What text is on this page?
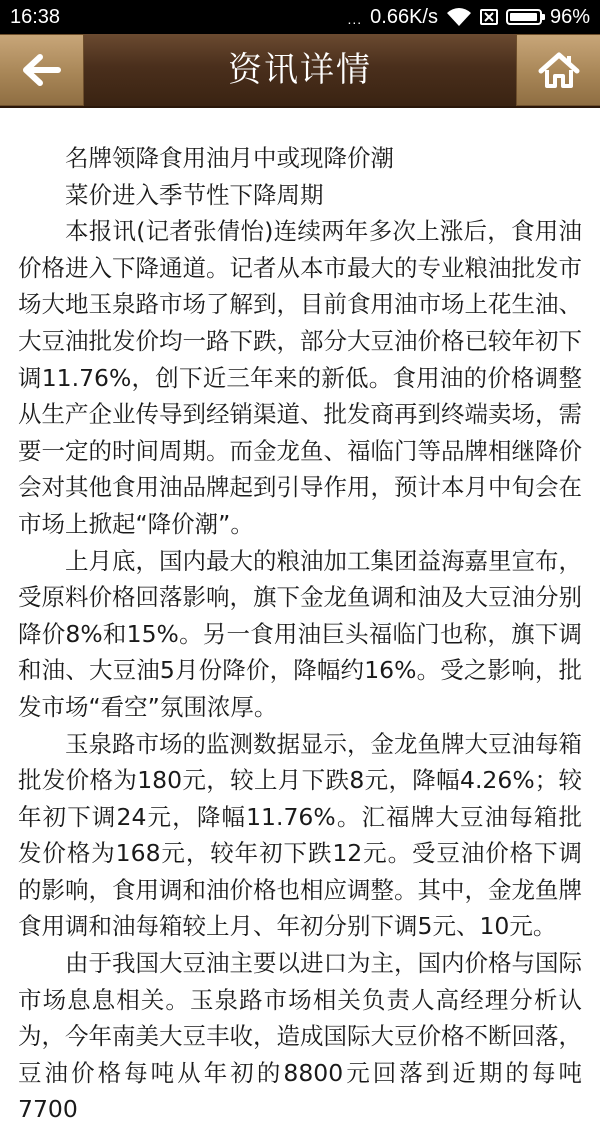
16:38	... 0.66K/s	96%
资讯详情

名牌领降食用油月中或现降价潮

菜价进入季节性下降周期

本报讯(记者张倩怡)连续两年多次上涨后，食用油价格进入下降通道。记者从本市最大的专业粮油批发市场大地玉泉路市场了解到，目前食用油市场上花生油、大豆油批发价均一路下跌，部分大豆油价格已较年初下调11.76%，创下近三年来的新低。食用油的价格调整从生产企业传导到经销渠道、批发商再到终端卖场，需要一定的时间周期。而金龙鱼、福临门等品牌相继降价会对其他食用油品牌起到引导作用，预计本月中旬会在市场上掀起“降价潮”。

上月底，国内最大的粮油加工集团益海嘉里宣布，受原料价格回落影响，旗下金龙鱼调和油及大豆油分别降价8%和15%。另一食用油巨头福临门也称，旗下调和油、大豆油5月份降价，降幅约16%。受之影响，批发市场“看空”氛围浓厚。

玉泉路市场的监测数据显示，金龙鱼牌大豆油每箱批发价格为180元，较上月下跌8元，降幅4.26%；较年初下调24元，降幅11.76%。汇福牌大豆油每箱批发价格为168元，较年初下跌12元。受豆油价格下调的影响，食用调和油价格也相应调整。其中，金龙鱼牌食用调和油每箱较上月、年初分别下调5元、10元。

由于我国大豆油主要以进口为主，国内价格与国际市场息息相关。玉泉路市场相关负责人高经理分析认为，今年南美大豆丰收，造成国际大豆价格不断回落，豆油价格每吨从年初的8800元回落到近期的每吨7700
